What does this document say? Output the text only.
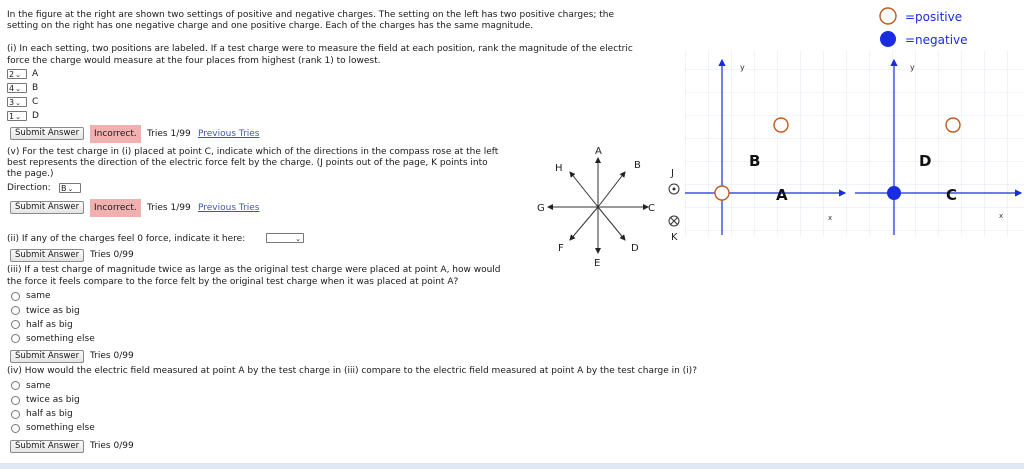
In the figure at the right are shown two settings of positive and negative charges. The setting on the left has two positive charges; the
setting on the right has one negative charge and one positive charge. Each of the charges has the same magnitude.
(i) In each setting, two positions are labeled. If a test charge were to measure the field at each position, rank the magnitude of the electric
force the charge would measure at the four places from highest (rank 1) to lowest.
2⌄	A
4⌄	B
3⌄	C
1⌄	D
Submit Answer	Incorrect.	Tries 1/99 Previous Tries
(v) For the test charge in (i) placed at point C, indicate which of the directions in the compass rose at the left
best represents the direction of the electric force felt by the charge. (J points out of the page, K points into
the page.)
Direction: B⌄
Submit Answer	Incorrect.	Tries 1/99 Previous Tries
(ii) If any of the charges feel 0 force, indicate it here:	⌄
Submit Answer	Tries 0/99
(iii) If a test charge of magnitude twice as large as the original test charge were placed at point A, how would
the force it feels compare to the force felt by the original test charge when it was placed at point A?
same
twice as big
half as big
something else
Submit Answer	Tries 0/99
(iv) How would the electric field measured at point A by the test charge in (iii) compare to the electric field measured at point A by the test charge in (i)?
same
twice as big
half as big
something else
Submit Answer	Tries 0/99
A
B
C
D
E
F
G
H	J
K
=positive
=negative
y
x
B
A
y
x
D
C
